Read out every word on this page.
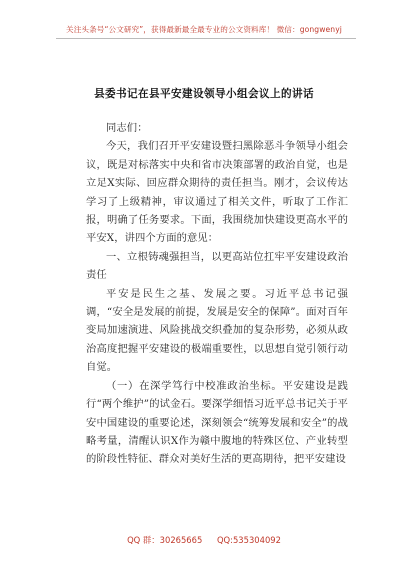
关注头条号“公文研究”，获得最新最全最专业的公文资料库！ 微信：gongwenyj
县委书记在县平安建设领导小组会议上的讲话

同志们：

今天，我们召开平安建设暨扫黑除恶斗争领导小组会议，既是对标落实中央和省市决策部署的政治自觉，也是立足X实际、回应群众期待的责任担当。刚才，会议传达学习了上级精神，审议通过了相关文件，听取了工作汇报，明确了任务要求。下面，我围绕加快建设更高水平的平安X，讲四个方面的意见：

一、立根铸魂强担当，以更高站位扛牢平安建设政治责任

平安是民生之基、发展之要。习近平总书记强调，“安全是发展的前提，发展是安全的保障”。面对百年变局加速演进、风险挑战交织叠加的复杂形势，必须从政治高度把握平安建设的极端重要性，以思想自觉引领行动自觉。

（一）在深学笃行中校准政治坐标。平安建设是践行“两个维护”的试金石。要深学细悟习近平总书记关于平安中国建设的重要论述，深刻领会“统筹发展和安全”的战略考量，清醒认识X作为赣中腹地的特殊区位、产业转型的阶段性特征、群众对美好生活的更高期待，把平安建设

QQ 群：30265665 QQ:535304092
